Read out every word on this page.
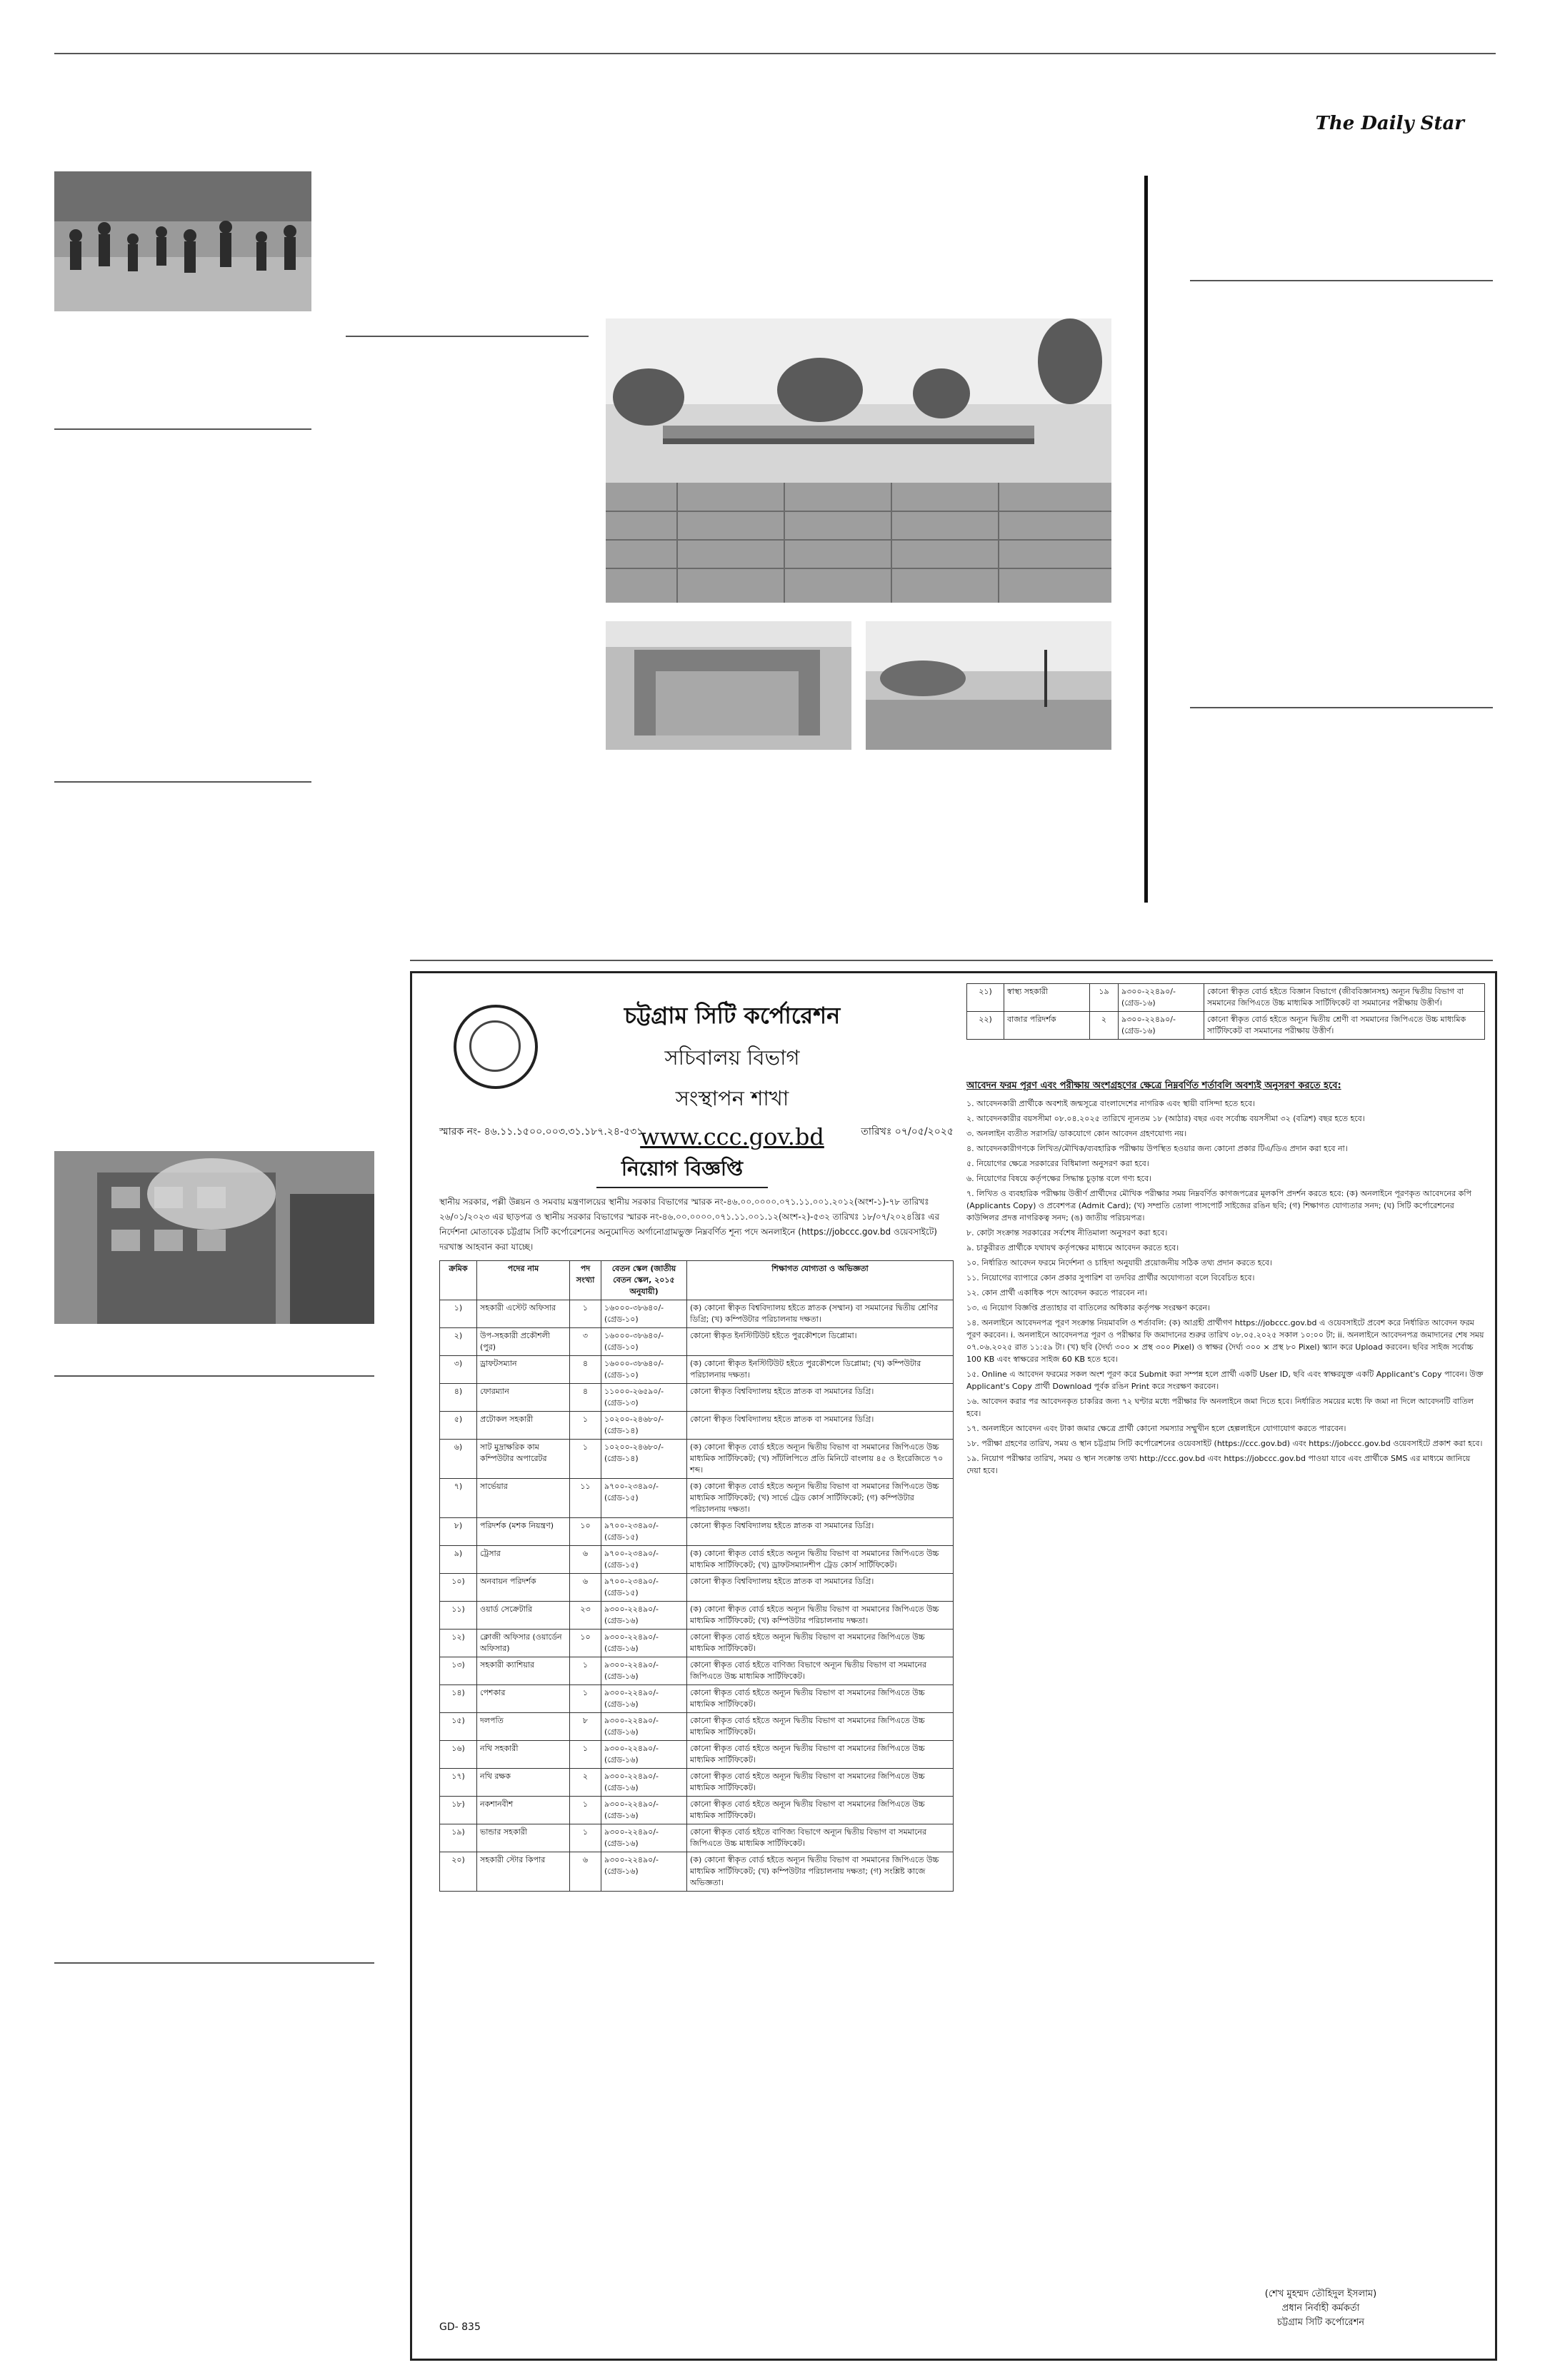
The Daily Star
চট্টগ্রাম সিটি কর্পোরেশন
সচিবালয় বিভাগ
সংস্থাপন শাখা
www.ccc.gov.bd
স্মারক নং- ৪৬.১১.১৫০০.০০৩.৩১.১৮৭.২৪-৫৩১	তারিখঃ ০৭/০৫/২০২৫
নিয়োগ বিজ্ঞপ্তি
স্থানীয় সরকার, পল্লী উন্নয়ন ও সমবায় মন্ত্রণালয়ের স্থানীয় সরকার বিভাগের স্মারক নং-৪৬.০০.০০০০.০৭১.১১.০০১.২০১২(অংশ-১)-৭৮ তারিখঃ ২৬/০১/২০২৩ এর ছাড়পত্র ও স্থানীয় সরকার বিভাগের স্মারক নং-৪৬.০০.০০০০.০৭১.১১.০০১.১২(অংশ-২)-৫৩২ তারিখঃ ১৮/০৭/২০২৪খ্রিঃ এর নির্দেশনা মোতাবেক চট্টগ্রাম সিটি কর্পোরেশনের অনুমোদিত অর্গানোগ্রামভুক্ত নিম্নবর্ণিত শূন্য পদে অনলাইনে (https://jobccc.gov.bd ওয়েবসাইটে) দরখাস্ত আহবান করা যাচ্ছে।
ক্রমিক	পদের নাম	পদ সংখ্যা	বেতন স্কেল (জাতীয় বেতন স্কেল, ২০১৫ অনুযায়ী)	শিক্ষাগত যোগ্যতা ও অভিজ্ঞতা
১)	সহকারী এস্টেট অফিসার	১	১৬০০০-৩৮৬৪০/- (গ্রেড-১০)	(ক) কোনো স্বীকৃত বিশ্ববিদ্যালয় হইতে স্নাতক (সম্মান) বা সমমানের দ্বিতীয় শ্রেণির ডিগ্রি; (খ) কম্পিউটার পরিচালনায় দক্ষতা।
২)	উপ-সহকারী প্রকৌশলী (পুর)	৩	১৬০০০-৩৮৬৪০/- (গ্রেড-১০)	কোনো স্বীকৃত ইনস্টিটিউট হইতে পুরকৌশলে ডিপ্লোমা।
৩)	ড্রাফটসম্যান	৪	১৬০০০-৩৮৬৪০/- (গ্রেড-১০)	(ক) কোনো স্বীকৃত ইনস্টিটিউট হইতে পুরকৌশলে ডিপ্লোমা; (খ) কম্পিউটার পরিচালনায় দক্ষতা।
৪)	ফোরম্যান	৪	১১০০০-২৬৫৯০/- (গ্রেড-১৩)	কোনো স্বীকৃত বিশ্ববিদ্যালয় হইতে স্নাতক বা সমমানের ডিগ্রি।
৫)	প্রটোকল সহকারী	১	১০২০০-২৪৬৮০/- (গ্রেড-১৪)	কোনো স্বীকৃত বিশ্ববিদ্যালয় হইতে স্নাতক বা সমমানের ডিগ্রি।
৬)	সাট মুদ্রাক্ষরিক কাম কম্পিউটার অপারেটর	১	১০২০০-২৪৬৮০/- (গ্রেড-১৪)	(ক) কোনো স্বীকৃত বোর্ড হইতে অন্যূন দ্বিতীয় বিভাগ বা সমমানের জিপিএতে উচ্চ মাধ্যমিক সার্টিফিকেট; (খ) সাঁটলিপিতে প্রতি মিনিটে বাংলায় ৪৫ ও ইংরেজিতে ৭০ শব্দ।
৭)	সার্ভেয়ার	১১	৯৭০০-২৩৪৯০/- (গ্রেড-১৫)	(ক) কোনো স্বীকৃত বোর্ড হইতে অন্যূন দ্বিতীয় বিভাগ বা সমমানের জিপিএতে উচ্চ মাধ্যমিক সার্টিফিকেট; (খ) সার্ভে ট্রেড কোর্স সার্টিফিকেট; (গ) কম্পিউটার পরিচালনায় দক্ষতা।
৮)	পরিদর্শক (মশক নিয়ন্ত্রণ)	১০	৯৭০০-২৩৪৯০/- (গ্রেড-১৫)	কোনো স্বীকৃত বিশ্ববিদ্যালয় হইতে স্নাতক বা সমমানের ডিগ্রি।
৯)	ট্রেসার	৬	৯৭০০-২৩৪৯০/- (গ্রেড-১৫)	(ক) কোনো স্বীকৃত বোর্ড হইতে অন্যূন দ্বিতীয় বিভাগ বা সমমানের জিপিএতে উচ্চ মাধ্যমিক সার্টিফিকেট; (খ) ড্রাফটসম্যানশীপ ট্রেড কোর্স সার্টিফিকেট।
১০)	অনবায়ন পরিদর্শক	৬	৯৭০০-২৩৪৯০/- (গ্রেড-১৫)	কোনো স্বীকৃত বিশ্ববিদ্যালয় হইতে স্নাতক বা সমমানের ডিগ্রি।
১১)	ওয়ার্ড সেক্রেটারি	২৩	৯৩০০-২২৪৯০/- (গ্রেড-১৬)	(ক) কোনো স্বীকৃত বোর্ড হইতে অন্যূন দ্বিতীয় বিভাগ বা সমমানের জিপিএতে উচ্চ মাধ্যমিক সার্টিফিকেট; (খ) কম্পিউটার পরিচালনায় দক্ষতা।
১২)	ক্লোজী অফিসার (ওয়ার্ডেন অফিসার)	১০	৯৩০০-২২৪৯০/- (গ্রেড-১৬)	কোনো স্বীকৃত বোর্ড হইতে অন্যূন দ্বিতীয় বিভাগ বা সমমানের জিপিএতে উচ্চ মাধ্যমিক সার্টিফিকেট।
১৩)	সহকারী ক্যাশিয়ার	১	৯৩০০-২২৪৯০/- (গ্রেড-১৬)	কোনো স্বীকৃত বোর্ড হইতে বাণিজ্য বিভাগে অন্যূন দ্বিতীয় বিভাগ বা সমমানের জিপিএতে উচ্চ মাধ্যমিক সার্টিফিকেট।
১৪)	পেশকার	১	৯৩০০-২২৪৯০/- (গ্রেড-১৬)	কোনো স্বীকৃত বোর্ড হইতে অন্যূন দ্বিতীয় বিভাগ বা সমমানের জিপিএতে উচ্চ মাধ্যমিক সার্টিফিকেট।
১৫)	দলপতি	৮	৯৩০০-২২৪৯০/- (গ্রেড-১৬)	কোনো স্বীকৃত বোর্ড হইতে অন্যূন দ্বিতীয় বিভাগ বা সমমানের জিপিএতে উচ্চ মাধ্যমিক সার্টিফিকেট।
১৬)	নথি সহকারী	১	৯৩০০-২২৪৯০/- (গ্রেড-১৬)	কোনো স্বীকৃত বোর্ড হইতে অন্যূন দ্বিতীয় বিভাগ বা সমমানের জিপিএতে উচ্চ মাধ্যমিক সার্টিফিকেট।
১৭)	নথি রক্ষক	২	৯৩০০-২২৪৯০/- (গ্রেড-১৬)	কোনো স্বীকৃত বোর্ড হইতে অন্যূন দ্বিতীয় বিভাগ বা সমমানের জিপিএতে উচ্চ মাধ্যমিক সার্টিফিকেট।
১৮)	নকশানবীশ	১	৯৩০০-২২৪৯০/- (গ্রেড-১৬)	কোনো স্বীকৃত বোর্ড হইতে অন্যূন দ্বিতীয় বিভাগ বা সমমানের জিপিএতে উচ্চ মাধ্যমিক সার্টিফিকেট।
১৯)	ভান্ডার সহকারী	১	৯৩০০-২২৪৯০/- (গ্রেড-১৬)	কোনো স্বীকৃত বোর্ড হইতে বাণিজ্য বিভাগে অন্যূন দ্বিতীয় বিভাগ বা সমমানের জিপিএতে উচ্চ মাধ্যমিক সার্টিফিকেট।
২০)	সহকারী স্টোর কিপার	৬	৯৩০০-২২৪৯০/- (গ্রেড-১৬)	(ক) কোনো স্বীকৃত বোর্ড হইতে অন্যূন দ্বিতীয় বিভাগ বা সমমানের জিপিএতে উচ্চ মাধ্যমিক সার্টিফিকেট; (খ) কম্পিউটার পরিচালনায় দক্ষতা; (গ) সংশ্লিষ্ট কাজে অভিজ্ঞতা।
GD- 835
২১)	স্বাস্থ্য সহকারী	১৯	৯৩০০-২২৪৯০/- (গ্রেড-১৬)	কোনো স্বীকৃত বোর্ড হইতে বিজ্ঞান বিভাগে (জীববিজ্ঞানসহ) অন্যূন দ্বিতীয় বিভাগ বা সমমানের জিপিএতে উচ্চ মাধ্যমিক সার্টিফিকেট বা সমমানের পরীক্ষায় উত্তীর্ণ।
২২)	বাজার পরিদর্শক	২	৯৩০০-২২৪৯০/- (গ্রেড-১৬)	কোনো স্বীকৃত বোর্ড হইতে অন্যূন দ্বিতীয় শ্রেণী বা সমমানের জিপিএতে উচ্চ মাধ্যমিক সার্টিফিকেট বা সমমানের পরীক্ষায় উত্তীর্ণ।
আবেদন ফরম পূরণ এবং পরীক্ষায় অংশগ্রহণের ক্ষেত্রে নিম্নবর্ণিত শর্তাবলি অবশ্যই অনুসরণ করতে হবে:

১. আবেদনকারী প্রার্থীকে অবশ্যই জন্মসূত্রে বাংলাদেশের নাগরিক এবং স্থায়ী বাসিন্দা হতে হবে।

২. আবেদনকারীর বয়সসীমা ০৮.০৪.২০২৫ তারিখে ন্যূনতম ১৮ (আঠার) বছর এবং সর্বোচ্চ বয়সসীমা ৩২ (বত্রিশ) বছর হতে হবে।

৩. অনলাইন ব্যতীত সরাসরি/ ডাকযোগে কোন আবেদন গ্রহণযোগ্য নয়।

৪. আবেদনকারীগণকে লিখিত/মৌখিক/ব্যবহারিক পরীক্ষায় উপস্থিত হওয়ার জন্য কোনো প্রকার টিএ/ডিএ প্রদান করা হবে না।

৫. নিয়োগের ক্ষেত্রে সরকারের বিধিমালা অনুসরণ করা হবে।

৬. নিয়োগের বিষয়ে কর্তৃপক্ষের সিদ্ধান্ত চূড়ান্ত বলে গণ্য হবে।

৭. লিখিত ও ব্যবহারিক পরীক্ষায় উত্তীর্ণ প্রার্থীদের মৌখিক পরীক্ষার সময় নিম্নবর্ণিত কাগজপত্রের মূলকপি প্রদর্শন করতে হবে: (ক) অনলাইনে পূরণকৃত আবেদনের কপি (Applicants Copy) ও প্রবেশপত্র (Admit Card); (খ) সম্প্রতি তোলা পাসপোর্ট সাইজের রঙিন ছবি; (গ) শিক্ষাগত যোগ্যতার সনদ; (ঘ) সিটি কর্পোরেশনের কাউন্সিলর প্রদত্ত নাগরিকত্ব সনদ; (ঙ) জাতীয় পরিচয়পত্র।

৮. কোটা সংক্রান্ত সরকারের সর্বশেষ নীতিমালা অনুসরণ করা হবে।

৯. চাকুরীরত প্রার্থীকে যথাযথ কর্তৃপক্ষের মাধ্যমে আবেদন করতে হবে।

১০. নির্ধারিত আবেদন ফরমে নির্দেশনা ও চাহিদা অনুযায়ী প্রয়োজনীয় সঠিক তথ্য প্রদান করতে হবে।

১১. নিয়োগের ব্যাপারে কোন প্রকার সুপারিশ বা তদবির প্রার্থীর অযোগ্যতা বলে বিবেচিত হবে।

১২. কোন প্রার্থী একাধিক পদে আবেদন করতে পারবেন না।

১৩. এ নিয়োগ বিজ্ঞপ্তি প্রত্যাহার বা বাতিলের অধিকার কর্তৃপক্ষ সংরক্ষণ করেন।

১৪. অনলাইনে আবেদনপত্র পূরণ সংক্রান্ত নিয়মাবলি ও শর্তাবলি: (ক) আগ্রহী প্রার্থীগণ https://jobccc.gov.bd এ ওয়েবসাইটে প্রবেশ করে নির্ধারিত আবেদন ফরম পূরণ করবেন। i. অনলাইনে আবেদনপত্র পূরণ ও পরীক্ষার ফি জমাদানের শুরুর তারিখ ০৮.০৫.২০২৫ সকাল ১০:০০ টা; ii. অনলাইনে আবেদনপত্র জমাদানের শেষ সময় ০৭.০৬.২০২৫ রাত ১১:৫৯ টা। (খ) ছবি (দৈর্ঘ্য ৩০০ × প্রস্থ ৩০০ Pixel) ও স্বাক্ষর (দৈর্ঘ্য ৩০০ × প্রস্থ ৮০ Pixel) স্ক্যান করে Upload করবেন। ছবির সাইজ সর্বোচ্চ 100 KB এবং স্বাক্ষরের সাইজ 60 KB হতে হবে।

১৫. Online এ আবেদন ফরমের সকল অংশ পূরণ করে Submit করা সম্পন্ন হলে প্রার্থী একটি User ID, ছবি এবং স্বাক্ষরযুক্ত একটি Applicant's Copy পাবেন। উক্ত Applicant's Copy প্রার্থী Download পূর্বক রঙিন Print করে সংরক্ষণ করবেন।

১৬. আবেদন করার পর আবেদনকৃত চাকরির জন্য ৭২ ঘণ্টার মধ্যে পরীক্ষার ফি অনলাইনে জমা দিতে হবে। নির্ধারিত সময়ের মধ্যে ফি জমা না দিলে আবেদনটি বাতিল হবে।

১৭. অনলাইনে আবেদন এবং টাকা জমার ক্ষেত্রে প্রার্থী কোনো সমস্যার সম্মুখীন হলে হেল্পলাইনে যোগাযোগ করতে পারবেন।

১৮. পরীক্ষা গ্রহণের তারিখ, সময় ও স্থান চট্টগ্রাম সিটি কর্পোরেশনের ওয়েবসাইট (https://ccc.gov.bd) এবং https://jobccc.gov.bd ওয়েবসাইটে প্রকাশ করা হবে।

১৯. নিয়োগ পরীক্ষার তারিখ, সময় ও স্থান সংক্রান্ত তথ্য http://ccc.gov.bd এবং https://jobccc.gov.bd পাওয়া যাবে এবং প্রার্থীকে SMS এর মাধ্যমে জানিয়ে দেয়া হবে।

(শেখ মুহম্মদ তৌহিদুল ইসলাম)
প্রধান নির্বাহী কর্মকর্তা
চট্টগ্রাম সিটি কর্পোরেশন
